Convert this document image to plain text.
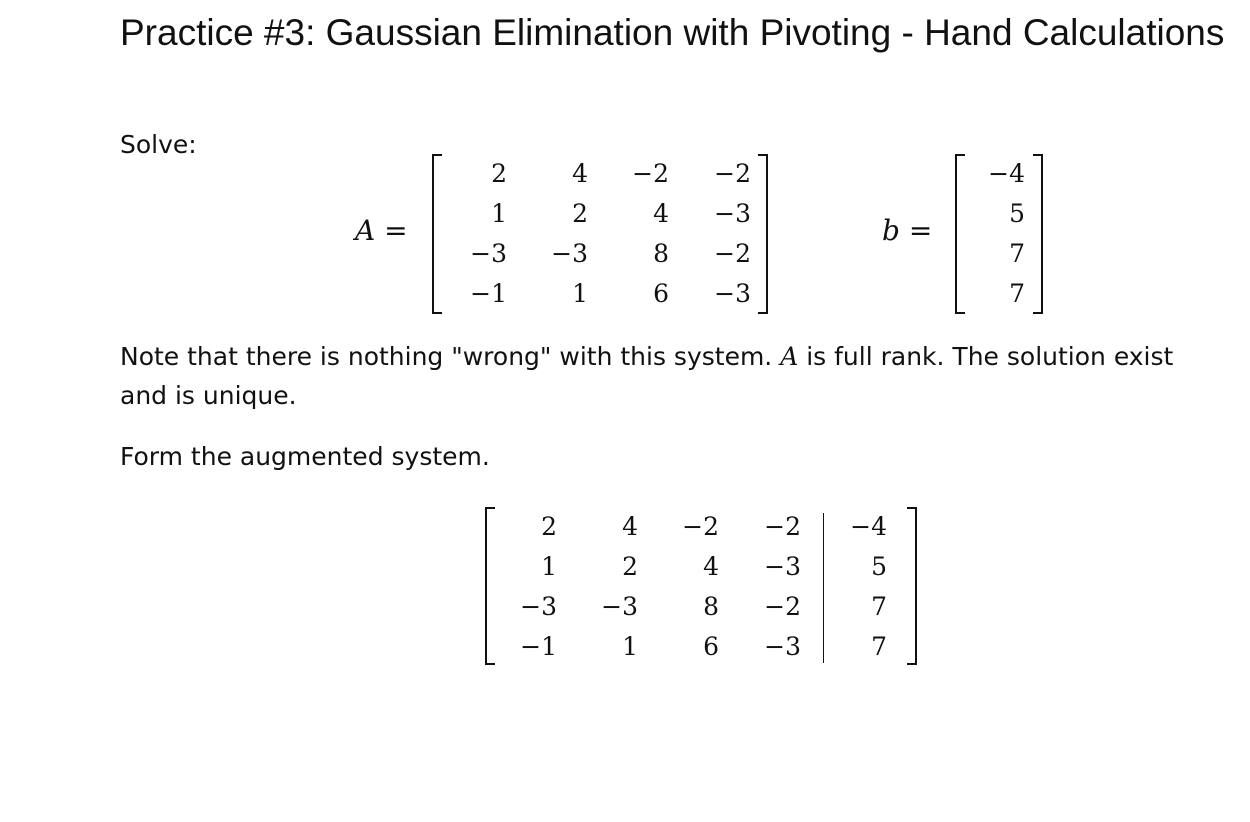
Practice #3: Gaussian Elimination with Pivoting - Hand Calculations
Solve:
A =
2	4	−2	−2
1	2	4	−3
−3	−3	8	−2
−1	1	6	−3
b =
−4
5
7
7
Note that there is nothing "wrong" with this system. A is full rank. The solution exist
and is unique.
Form the augmented system.
2	4	−2	−2	−4
1	2	4	−3	5
−3	−3	8	−2	7
−1	1	6	−3	7
